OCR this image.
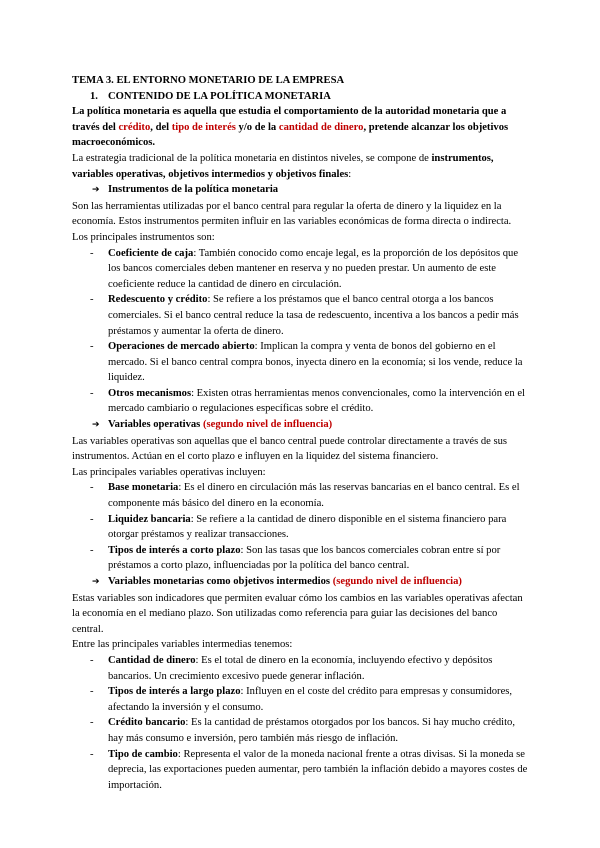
TEMA 3. EL ENTORNO MONETARIO DE LA EMPRESA

1. CONTENIDO DE LA POLÍTICA MONETARIA

La política monetaria es aquella que estudia el comportamiento de la autoridad monetaria que a través del crédito, del tipo de interés y/o de la cantidad de dinero, pretende alcanzar los objetivos macroeconómicos.

La estrategia tradicional de la política monetaria en distintos niveles, se compone de instrumentos, variables operativas, objetivos intermedios y objetivos finales:

➔ Instrumentos de la política monetaria

Son las herramientas utilizadas por el banco central para regular la oferta de dinero y la liquidez en la economía. Estos instrumentos permiten influir en las variables económicas de forma directa o indirecta.

Los principales instrumentos son:

- Coeficiente de caja: También conocido como encaje legal, es la proporción de los depósitos que los bancos comerciales deben mantener en reserva y no pueden prestar. Un aumento de este coeficiente reduce la cantidad de dinero en circulación.
- Redescuento y crédito: Se refiere a los préstamos que el banco central otorga a los bancos comerciales. Si el banco central reduce la tasa de redescuento, incentiva a los bancos a pedir más préstamos y aumentar la oferta de dinero.
- Operaciones de mercado abierto: Implican la compra y venta de bonos del gobierno en el mercado. Si el banco central compra bonos, inyecta dinero en la economía; si los vende, reduce la liquidez.
- Otros mecanismos: Existen otras herramientas menos convencionales, como la intervención en el mercado cambiario o regulaciones específicas sobre el crédito.

➔ Variables operativas (segundo nivel de influencia)

Las variables operativas son aquellas que el banco central puede controlar directamente a través de sus instrumentos. Actúan en el corto plazo e influyen en la liquidez del sistema financiero.

Las principales variables operativas incluyen:

- Base monetaria: Es el dinero en circulación más las reservas bancarias en el banco central. Es el componente más básico del dinero en la economía.
- Liquidez bancaria: Se refiere a la cantidad de dinero disponible en el sistema financiero para otorgar préstamos y realizar transacciones.
- Tipos de interés a corto plazo: Son las tasas que los bancos comerciales cobran entre sí por préstamos a corto plazo, influenciadas por la política del banco central.

➔ Variables monetarias como objetivos intermedios (segundo nivel de influencia)

Estas variables son indicadores que permiten evaluar cómo los cambios en las variables operativas afectan la economía en el mediano plazo. Son utilizadas como referencia para guiar las decisiones del banco central.

Entre las principales variables intermedias tenemos:

- Cantidad de dinero: Es el total de dinero en la economía, incluyendo efectivo y depósitos bancarios. Un crecimiento excesivo puede generar inflación.
- Tipos de interés a largo plazo: Influyen en el coste del crédito para empresas y consumidores, afectando la inversión y el consumo.
- Crédito bancario: Es la cantidad de préstamos otorgados por los bancos. Si hay mucho crédito, hay más consumo e inversión, pero también más riesgo de inflación.
- Tipo de cambio: Representa el valor de la moneda nacional frente a otras divisas. Si la moneda se deprecia, las exportaciones pueden aumentar, pero también la inflación debido a mayores costes de importación.
